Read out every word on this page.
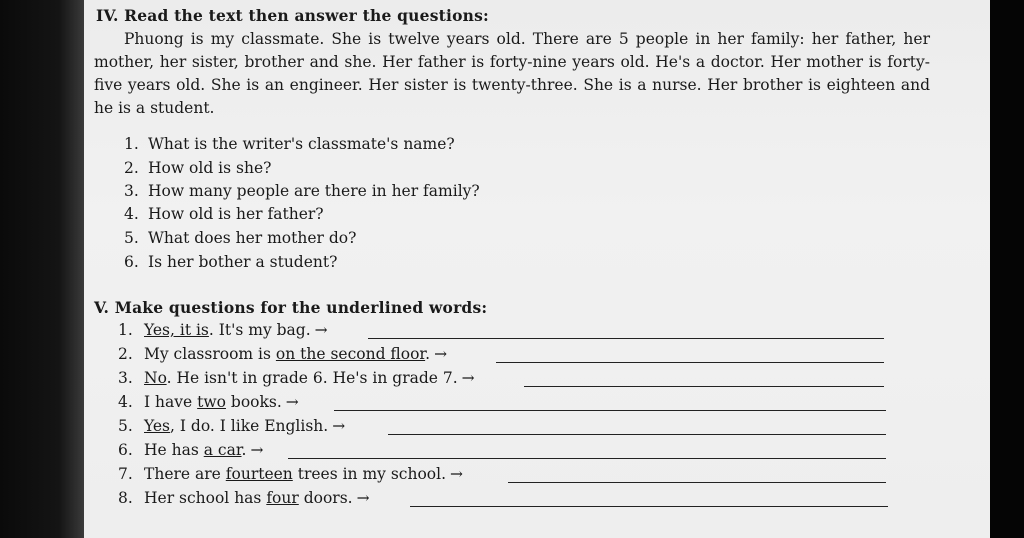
IV. Read the text then answer the questions:

Phuong is my classmate. She is twelve years old. There are 5 people in her family: her father, her mother, her sister, brother and she. Her father is forty-nine years old. He's a doctor. Her mother is forty-five years old. She is an engineer. Her sister is twenty-three. She is a nurse. Her brother is eighteen and he is a student.

1. What is the writer's classmate's name?
2. How old is she?
3. How many people are there in her family?
4. How old is her father?
5. What does her mother do?
6. Is her bother a student?
V. Make questions for the underlined words:
1. Yes, it is. It's my bag. →
2. My classroom is on the second floor. →
3. No. He isn't in grade 6. He's in grade 7. →
4. I have two books. →
5. Yes, I do. I like English. →
6. He has a car. →
7. There are fourteen trees in my school. →
8. Her school has four doors. →
